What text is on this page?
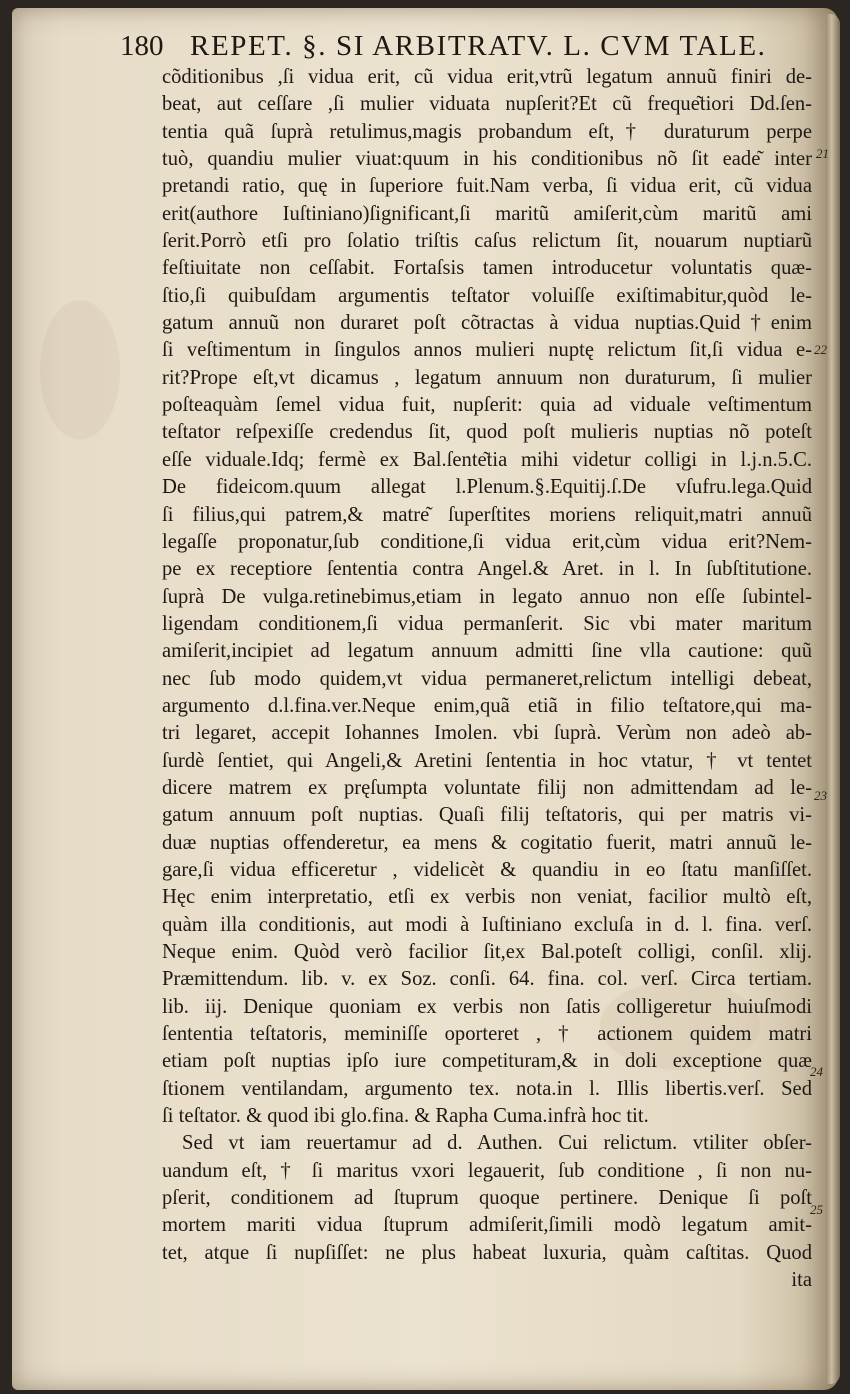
180 REPET. §. SI ARBITRATV. L. CVM TALE.
cõditionibus ,ſi vidua erit, cũ vidua erit,vtrũ legatum annuũ finiri de-
beat, aut ceſſare ,ſi mulier viduata nupſerit?Et cũ freque͂tiori Dd.ſen-
tentia quã ſuprà retulimus,magis probandum eſt,† duraturum perpe
tuò, quandiu mulier viuat:quum in his conditionibus nõ ſit eade͂ inter
pretandi ratio, quę in ſuperiore fuit.Nam verba, ſi vidua erit, cũ vidua
erit(authore Iuſtiniano)ſignificant,ſi maritũ amiſerit,cùm maritũ ami
ſerit.Porrò etſi pro ſolatio triſtis caſus relictum ſit, nouarum nuptiarũ
feſtiuitate non ceſſabit. Fortaſsis tamen introducetur voluntatis quæ-
ſtio,ſi quibuſdam argumentis teſtator voluiſſe exiſtimabitur,quòd le-
gatum annuũ non duraret poſt cõtractas à vidua nuptias.Quid†enim
ſi veſtimentum in ſingulos annos mulieri nuptę relictum ſit,ſi vidua e-
rit?Prope eſt,vt dicamus , legatum annuum non duraturum, ſi mulier
poſteaquàm ſemel vidua fuit, nupſerit: quia ad viduale veſtimentum
teſtator reſpexiſſe credendus ſit, quod poſt mulieris nuptias nõ poteſt
eſſe viduale.Idq; fermè ex Bal.ſente͂tia mihi videtur colligi in l.j.n.5.C.
De fideicom.quum allegat l.Plenum.§.Equitij.ſ.De vſufru.lega.Quid
ſi filius,qui patrem,& matre͂ ſuperſtites moriens reliquit,matri annuũ
legaſſe proponatur,ſub conditione,ſi vidua erit,cùm vidua erit?Nem-
pe ex receptiore ſententia contra Angel.& Aret. in l. In ſubſtitutione.
ſuprà De vulga.retinebimus,etiam in legato annuo non eſſe ſubintel-
ligendam conditionem,ſi vidua permanſerit. Sic vbi mater maritum
amiſerit,incipiet ad legatum annuum admitti ſine vlla cautione: quũ
nec ſub modo quidem,vt vidua permaneret,relictum intelligi debeat,
argumento d.l.fina.ver.Neque enim,quã etiã in filio teſtatore,qui ma-
tri legaret, accepit Iohannes Imolen. vbi ſuprà. Verùm non adeò ab-
ſurdè ſentiet, qui Angeli,& Aretini ſententia in hoc vtatur, † vt tentet
dicere matrem ex pręſumpta voluntate filij non admittendam ad le-
gatum annuum poſt nuptias. Quaſi filij teſtatoris, qui per matris vi-
duæ nuptias offenderetur, ea mens & cogitatio fuerit, matri annuũ le-
gare,ſi vidua efficeretur , videlicèt & quandiu in eo ſtatu manſiſſet.
Hęc enim interpretatio, etſi ex verbis non veniat, facilior multò eſt,
quàm illa conditionis, aut modi à Iuſtiniano excluſa in d. l. fina. verſ.
Neque enim. Quòd verò facilior ſit,ex Bal.poteſt colligi, conſil. xlij.
Præmittendum. lib. v. ex Soz. conſi. 64. fina. col. verſ. Circa tertiam.
lib. iij. Denique quoniam ex verbis non ſatis colligeretur huiuſmodi
ſententia teſtatoris, meminiſſe oporteret , † actionem quidem matri
etiam poſt nuptias ipſo iure competituram,& in doli exceptione quæ
ſtionem ventilandam, argumento tex. nota.in l. Illis libertis.verſ. Sed
ſi teſtator. & quod ibi glo.fina. & Rapha Cuma.infrà hoc tit.
Sed vt iam reuertamur ad d. Authen. Cui relictum. vtiliter obſer-
uandum eſt, † ſi maritus vxori legauerit, ſub conditione , ſi non nu-
pſerit, conditionem ad ſtuprum quoque pertinere. Denique ſi poſt
mortem mariti vidua ſtuprum admiſerit,ſimili modò legatum amit-
tet, atque ſi nupſiſſet: ne plus habeat luxuria, quàm caſtitas. Quod
ita
21
22
23
24
25
